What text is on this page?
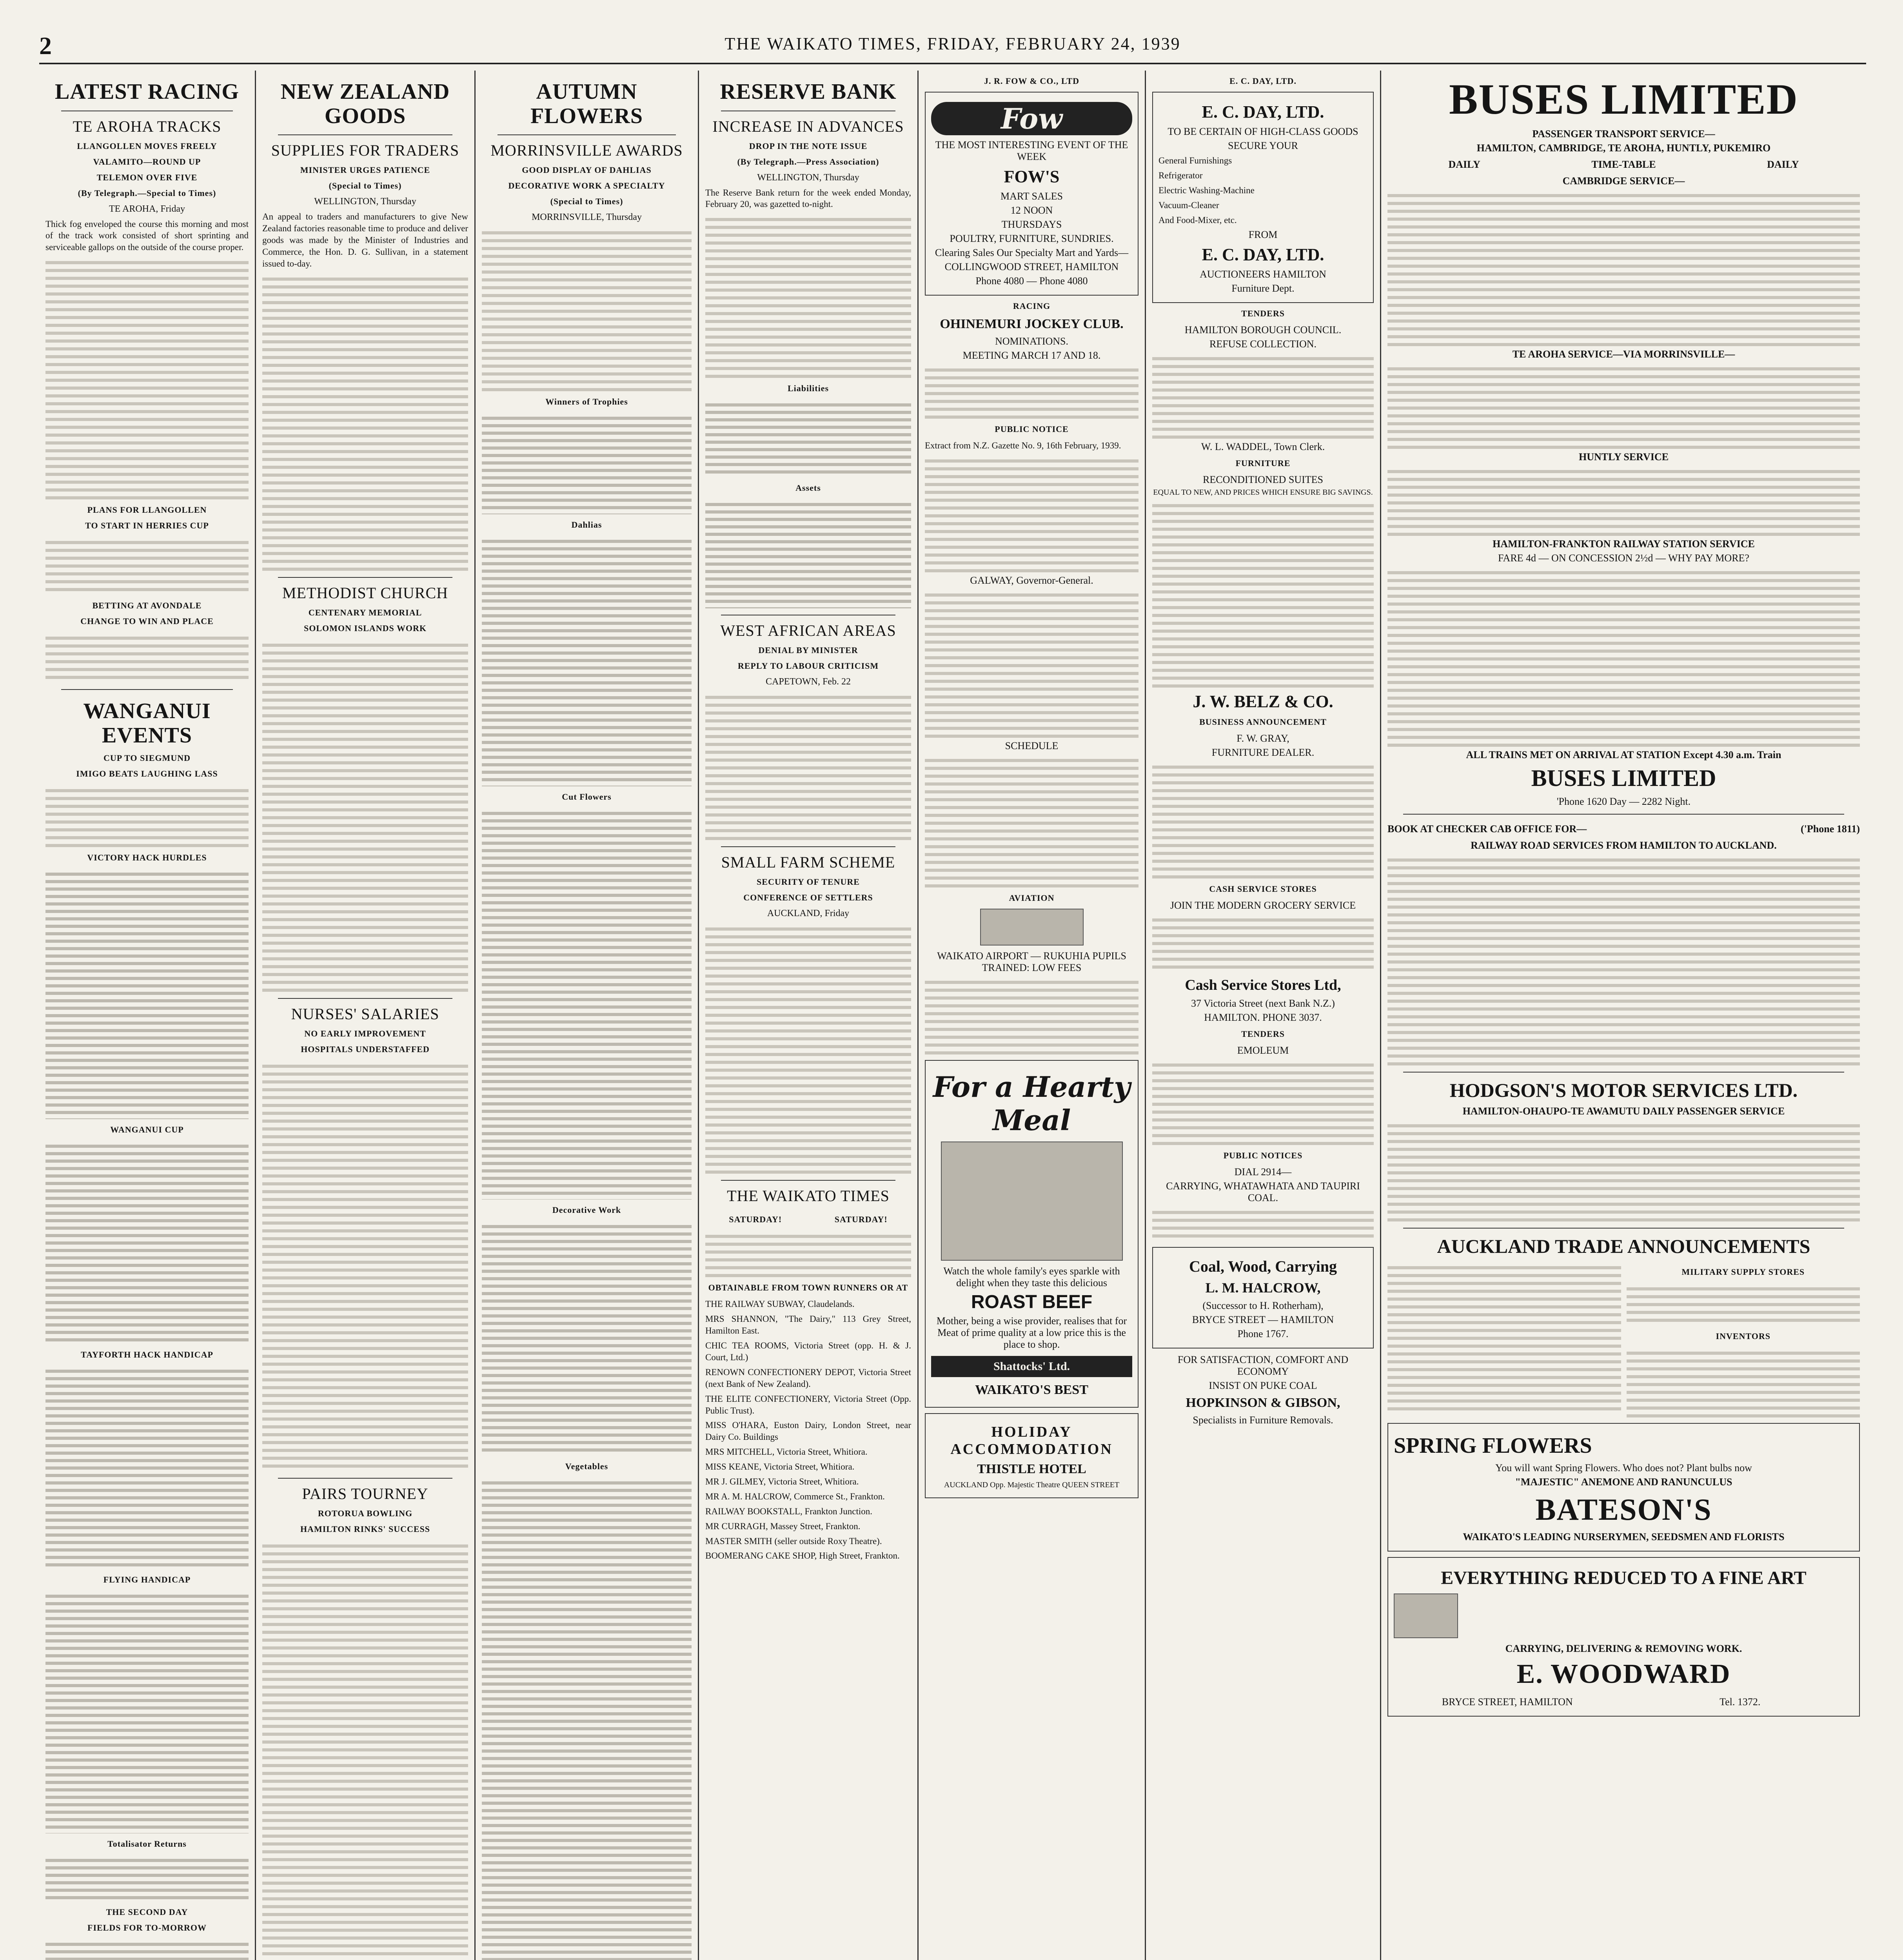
2	THE WAIKATO TIMES, FRIDAY, FEBRUARY 24, 1939
LATEST RACING
TE AROHA TRACKS
LLANGOLLEN MOVES FREELY
VALAMITO—ROUND UP
TELEMON OVER FIVE
(By Telegraph.—Special to Times)
TE AROHA, Friday
Thick fog enveloped the course this morning and most of the track work consisted of short sprinting and serviceable gallops on the outside of the course proper.
PLANS FOR LLANGOLLEN
TO START IN HERRIES CUP
BETTING AT AVONDALE
CHANGE TO WIN AND PLACE
WANGANUI EVENTS
CUP TO SIEGMUND
IMIGO BEATS LAUGHING LASS
VICTORY HACK HURDLES
WANGANUI CUP
TAYFORTH HACK HANDICAP
FLYING HANDICAP
Totalisator Returns
THE SECOND DAY
FIELDS FOR TO-MORROW
NEW ZEALAND GOODS
SUPPLIES FOR TRADERS
MINISTER URGES PATIENCE
(Special to Times)
WELLINGTON, Thursday
An appeal to traders and manufacturers to give New Zealand factories reasonable time to produce and deliver goods was made by the Minister of Industries and Commerce, the Hon. D. G. Sullivan, in a statement issued to-day.
METHODIST CHURCH
CENTENARY MEMORIAL
SOLOMON ISLANDS WORK
NURSES' SALARIES
NO EARLY IMPROVEMENT
HOSPITALS UNDERSTAFFED
PAIRS TOURNEY
ROTORUA BOWLING
HAMILTON RINKS' SUCCESS
AUTUMN FLOWERS
MORRINSVILLE AWARDS
GOOD DISPLAY OF DAHLIAS
DECORATIVE WORK A SPECIALTY
(Special to Times)
MORRINSVILLE, Thursday
Winners of Trophies
Dahlias
Cut Flowers
Decorative Work
Vegetables
RESERVE BANK
INCREASE IN ADVANCES
DROP IN THE NOTE ISSUE
(By Telegraph.—Press Association)
WELLINGTON, Thursday
The Reserve Bank return for the week ended Monday, February 20, was gazetted to-night.
Liabilities
Assets
WEST AFRICAN AREAS
DENIAL BY MINISTER
REPLY TO LABOUR CRITICISM
CAPETOWN, Feb. 22
SMALL FARM SCHEME
SECURITY OF TENURE
CONFERENCE OF SETTLERS
AUCKLAND, Friday
THE WAIKATO TIMES
SATURDAY!	SATURDAY!
OBTAINABLE FROM TOWN RUNNERS OR AT
THE RAILWAY SUBWAY, Claudelands.
MRS SHANNON, "The Dairy," 113 Grey Street, Hamilton East.
CHIC TEA ROOMS, Victoria Street (opp. H. & J. Court, Ltd.)
RENOWN CONFECTIONERY DEPOT, Victoria Street (next Bank of New Zealand).
THE ELITE CONFECTIONERY, Victoria Street (Opp. Public Trust).
MISS O'HARA, Euston Dairy, London Street, near Dairy Co. Buildings
MRS MITCHELL, Victoria Street, Whitiora.
MISS KEANE, Victoria Street, Whitiora.
MR J. GILMEY, Victoria Street, Whitiora.
MR A. M. HALCROW, Commerce St., Frankton.
RAILWAY BOOKSTALL, Frankton Junction.
MR CURRAGH, Massey Street, Frankton.
MASTER SMITH (seller outside Roxy Theatre).
BOOMERANG CAKE SHOP, High Street, Frankton.
J. R. FOW & CO., LTD
Fow
THE MOST INTERESTING EVENT OF THE WEEK
FOW'S
MART SALES
12 NOON
THURSDAYS
POULTRY, FURNITURE, SUNDRIES.
Clearing Sales Our Specialty Mart and Yards—
COLLINGWOOD STREET, HAMILTON
Phone 4080 — Phone 4080
RACING
OHINEMURI JOCKEY CLUB.
NOMINATIONS.
MEETING MARCH 17 AND 18.
PUBLIC NOTICE
Extract from N.Z. Gazette No. 9, 16th February, 1939.
GALWAY, Governor-General.
SCHEDULE
AVIATION
WAIKATO AIRPORT — RUKUHIA PUPILS TRAINED: LOW FEES
For a Hearty Meal
Watch the whole family's eyes sparkle with delight when they taste this delicious
ROAST BEEF
Mother, being a wise provider, realises that for Meat of prime quality at a low price this is the place to shop.
Shattocks' Ltd.
WAIKATO'S BEST
HOLIDAY ACCOMMODATION
THISTLE HOTEL
AUCKLAND Opp. Majestic Theatre QUEEN STREET
E. C. DAY, LTD.
E. C. DAY, LTD.
TO BE CERTAIN OF HIGH-CLASS GOODS
SECURE YOUR
General Furnishings
Refrigerator
Electric Washing-Machine
Vacuum-Cleaner
And Food-Mixer, etc.
FROM
E. C. DAY, LTD.
AUCTIONEERS HAMILTON
Furniture Dept.
TENDERS
HAMILTON BOROUGH COUNCIL.
REFUSE COLLECTION.
W. L. WADDEL, Town Clerk.
FURNITURE
RECONDITIONED SUITES
EQUAL TO NEW, AND PRICES WHICH ENSURE BIG SAVINGS.
J. W. BELZ & CO.
BUSINESS ANNOUNCEMENT
F. W. GRAY,
FURNITURE DEALER.
CASH SERVICE STORES
JOIN THE MODERN GROCERY SERVICE
Cash Service Stores Ltd,
37 Victoria Street (next Bank N.Z.)
HAMILTON. PHONE 3037.
TENDERS
EMOLEUM
PUBLIC NOTICES
DIAL 2914—
CARRYING, WHATAWHATA AND TAUPIRI COAL.
Coal, Wood, Carrying
L. M. HALCROW,
(Successor to H. Rotherham),
BRYCE STREET — HAMILTON
Phone 1767.
FOR SATISFACTION, COMFORT AND ECONOMY
INSIST ON PUKE COAL
HOPKINSON & GIBSON,
Specialists in Furniture Removals.
BUSES LIMITED
PASSENGER TRANSPORT SERVICE—
HAMILTON, CAMBRIDGE, TE AROHA, HUNTLY, PUKEMIRO
DAILY	TIME-TABLE	DAILY
CAMBRIDGE SERVICE—
TE AROHA SERVICE—VIA MORRINSVILLE—
HUNTLY SERVICE
HAMILTON-FRANKTON RAILWAY STATION SERVICE
FARE 4d — ON CONCESSION 2½d — WHY PAY MORE?
ALL TRAINS MET ON ARRIVAL AT STATION Except 4.30 a.m. Train
BUSES LIMITED
'Phone 1620 Day — 2282 Night.
BOOK AT CHECKER CAB OFFICE FOR—	('Phone 1811)
RAILWAY ROAD SERVICES FROM HAMILTON TO AUCKLAND.
HODGSON'S MOTOR SERVICES LTD.
HAMILTON-OHAUPO-TE AWAMUTU DAILY PASSENGER SERVICE
AUCKLAND TRADE ANNOUNCEMENTS
MILITARY SUPPLY STORES
INVENTORS
SPRING FLOWERS
You will want Spring Flowers. Who does not? Plant bulbs now
"MAJESTIC" ANEMONE AND RANUNCULUS
BATESON'S
WAIKATO'S LEADING NURSERYMEN, SEEDSMEN AND FLORISTS
EVERYTHING REDUCED TO A FINE ART
CARRYING, DELIVERING & REMOVING WORK.
E. WOODWARD
BRYCE STREET, HAMILTON	Tel. 1372.
